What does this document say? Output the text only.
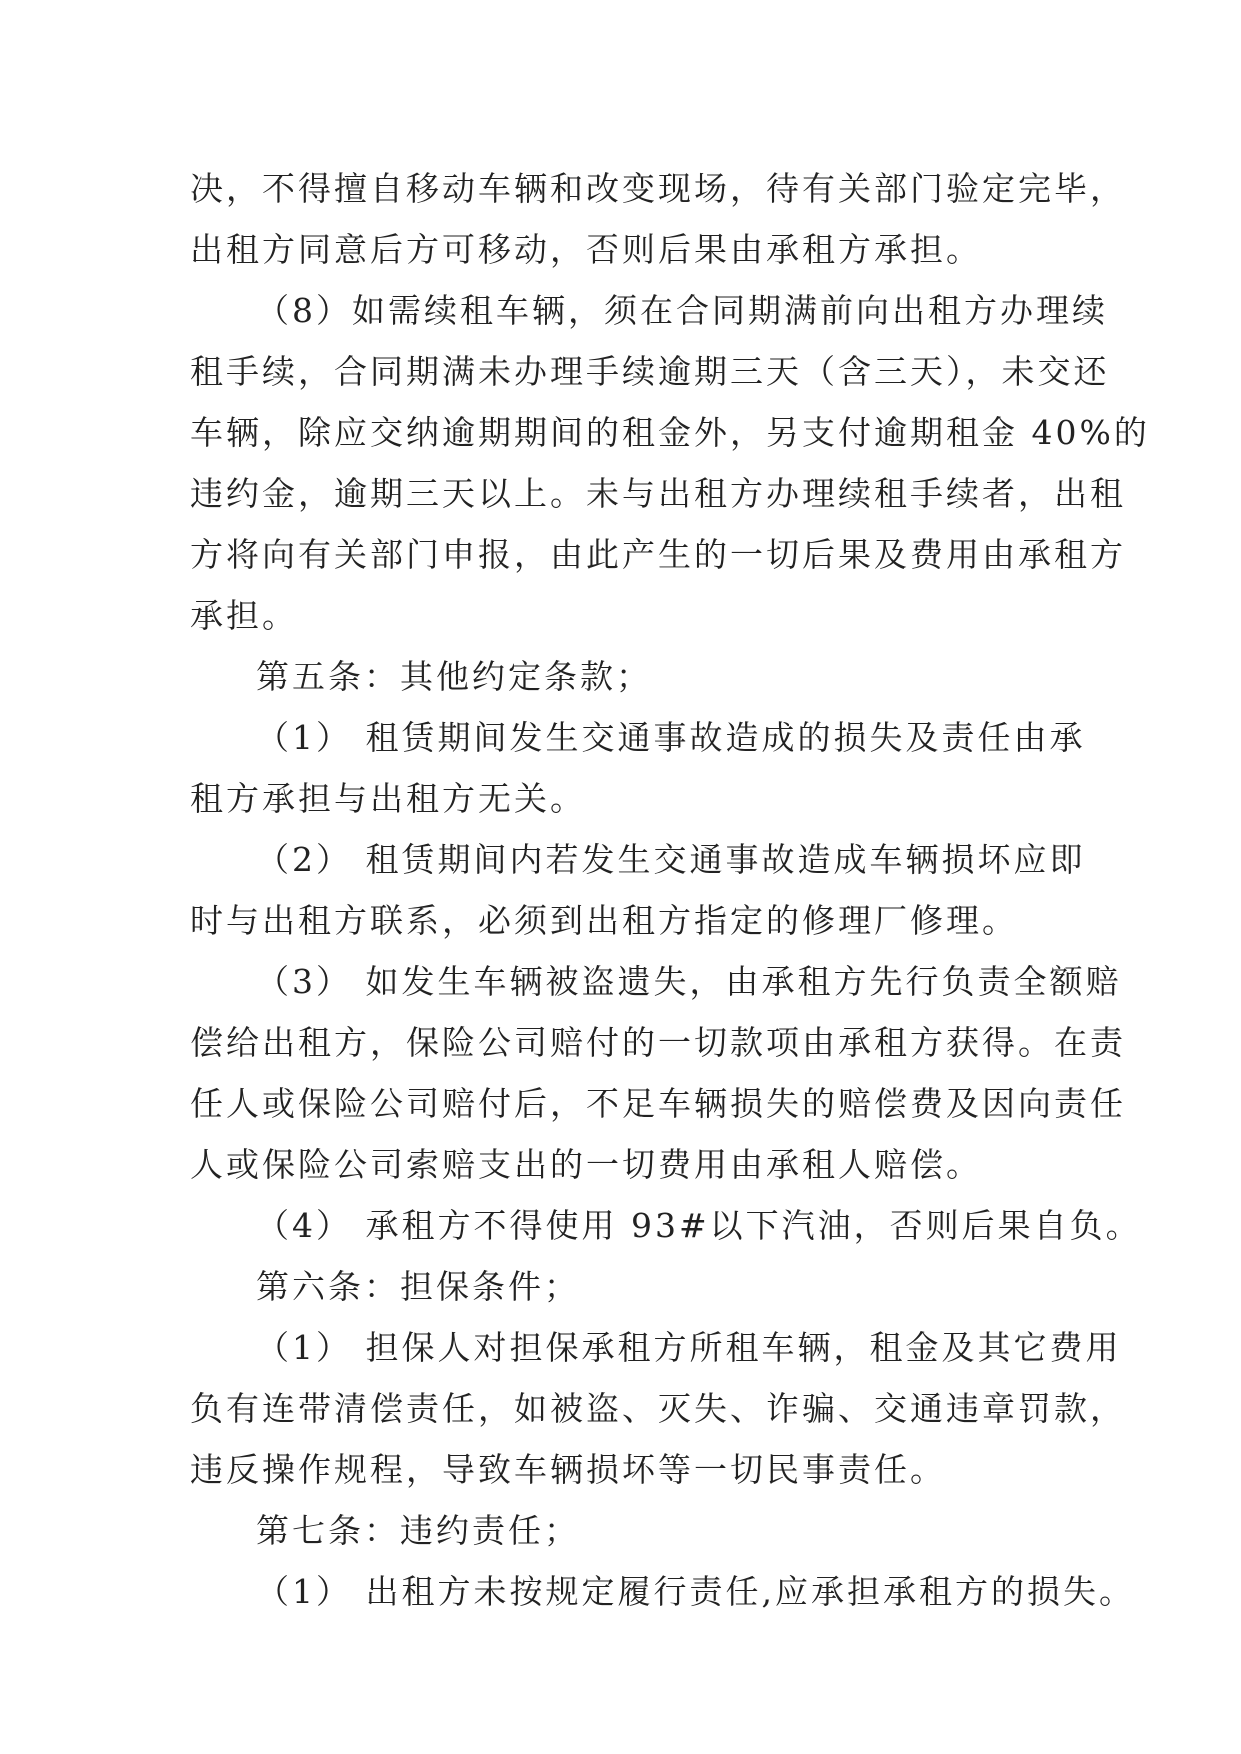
决，不得擅自移动车辆和改变现场，待有关部门验定完毕，
出租方同意后方可移动，否则后果由承租方承担。
（8）如需续租车辆，须在合同期满前向出租方办理续
租手续，合同期满未办理手续逾期三天（含三天），未交还
车辆，除应交纳逾期期间的租金外，另支付逾期租金 40%的
违约金，逾期三天以上。未与出租方办理续租手续者，出租
方将向有关部门申报，由此产生的一切后果及费用由承租方
承担。
第五条：其他约定条款；
（1） 租赁期间发生交通事故造成的损失及责任由承
租方承担与出租方无关。
（2） 租赁期间内若发生交通事故造成车辆损坏应即
时与出租方联系，必须到出租方指定的修理厂修理。
（3） 如发生车辆被盗遗失，由承租方先行负责全额赔
偿给出租方，保险公司赔付的一切款项由承租方获得。在责
任人或保险公司赔付后，不足车辆损失的赔偿费及因向责任
人或保险公司索赔支出的一切费用由承租人赔偿。
（4） 承租方不得使用 93#以下汽油，否则后果自负。
第六条：担保条件；
（1） 担保人对担保承租方所租车辆，租金及其它费用
负有连带清偿责任，如被盗、灭失、诈骗、交通违章罚款，
违反操作规程，导致车辆损坏等一切民事责任。
第七条：违约责任；
（1） 出租方未按规定履行责任,应承担承租方的损失。
